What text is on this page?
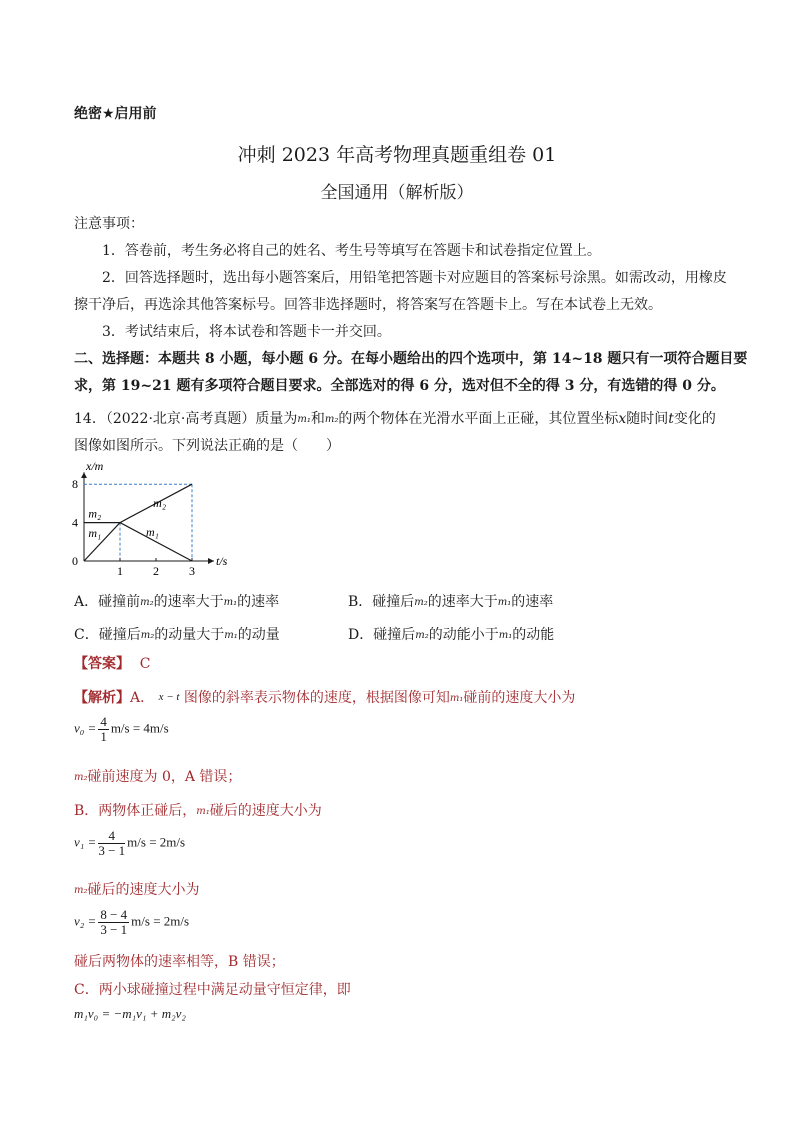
绝密★启用前
冲刺 2023 年高考物理真题重组卷 01
全国通用（解析版）
注意事项：
1．答卷前，考生务必将自己的姓名、考生号等填写在答题卡和试卷指定位置上。
2．回答选择题时，选出每小题答案后，用铅笔把答题卡对应题目的答案标号涂黑。如需改动，用橡皮
擦干净后，再选涂其他答案标号。回答非选择题时，将答案写在答题卡上。写在本试卷上无效。
3．考试结束后，将本试卷和答题卡一并交回。
二、选择题：本题共 8 小题，每小题 6 分。在每小题给出的四个选项中，第 14~18 题只有一项符合题目要
求，第 19~21 题有多项符合题目要求。全部选对的得 6 分，选对但不全的得 3 分，有选错的得 0 分。
14．（2022·北京·高考真题）质量为m₁和m₂的两个物体在光滑水平面上正碰，其位置坐标x随时间t变化的
图像如图所示。下列说法正确的是（　　）
1	2	3
4
8
0	t/s
x/m
m₂
m₁
m₂
m₁
A．碰撞前m₂的速率大于m₁的速率	B．碰撞后m₂的速率大于m₁的速率
C．碰撞后m₂的动量大于m₁的动量	D．碰撞后m₂的动能小于m₁的动能
【答案】 C
【解析】A． x − t 图像的斜率表示物体的速度，根据图像可知m₁碰前的速度大小为
$v_0 = \frac{4}{1} m/s = 4m/s$
m₂碰前速度为 0，A 错误；
B．两物体正碰后，m₁碰后的速度大小为
$v_1 = \frac{4}{3 - 1} m/s = 2m/s$
m₂碰后的速度大小为
$v_2 = \frac{8 - 4}{3 - 1} m/s = 2m/s$
碰后两物体的速率相等，B 错误；
C．两小球碰撞过程中满足动量守恒定律，即
m₁v₀ = −m₁v₁ + m₂v₂
